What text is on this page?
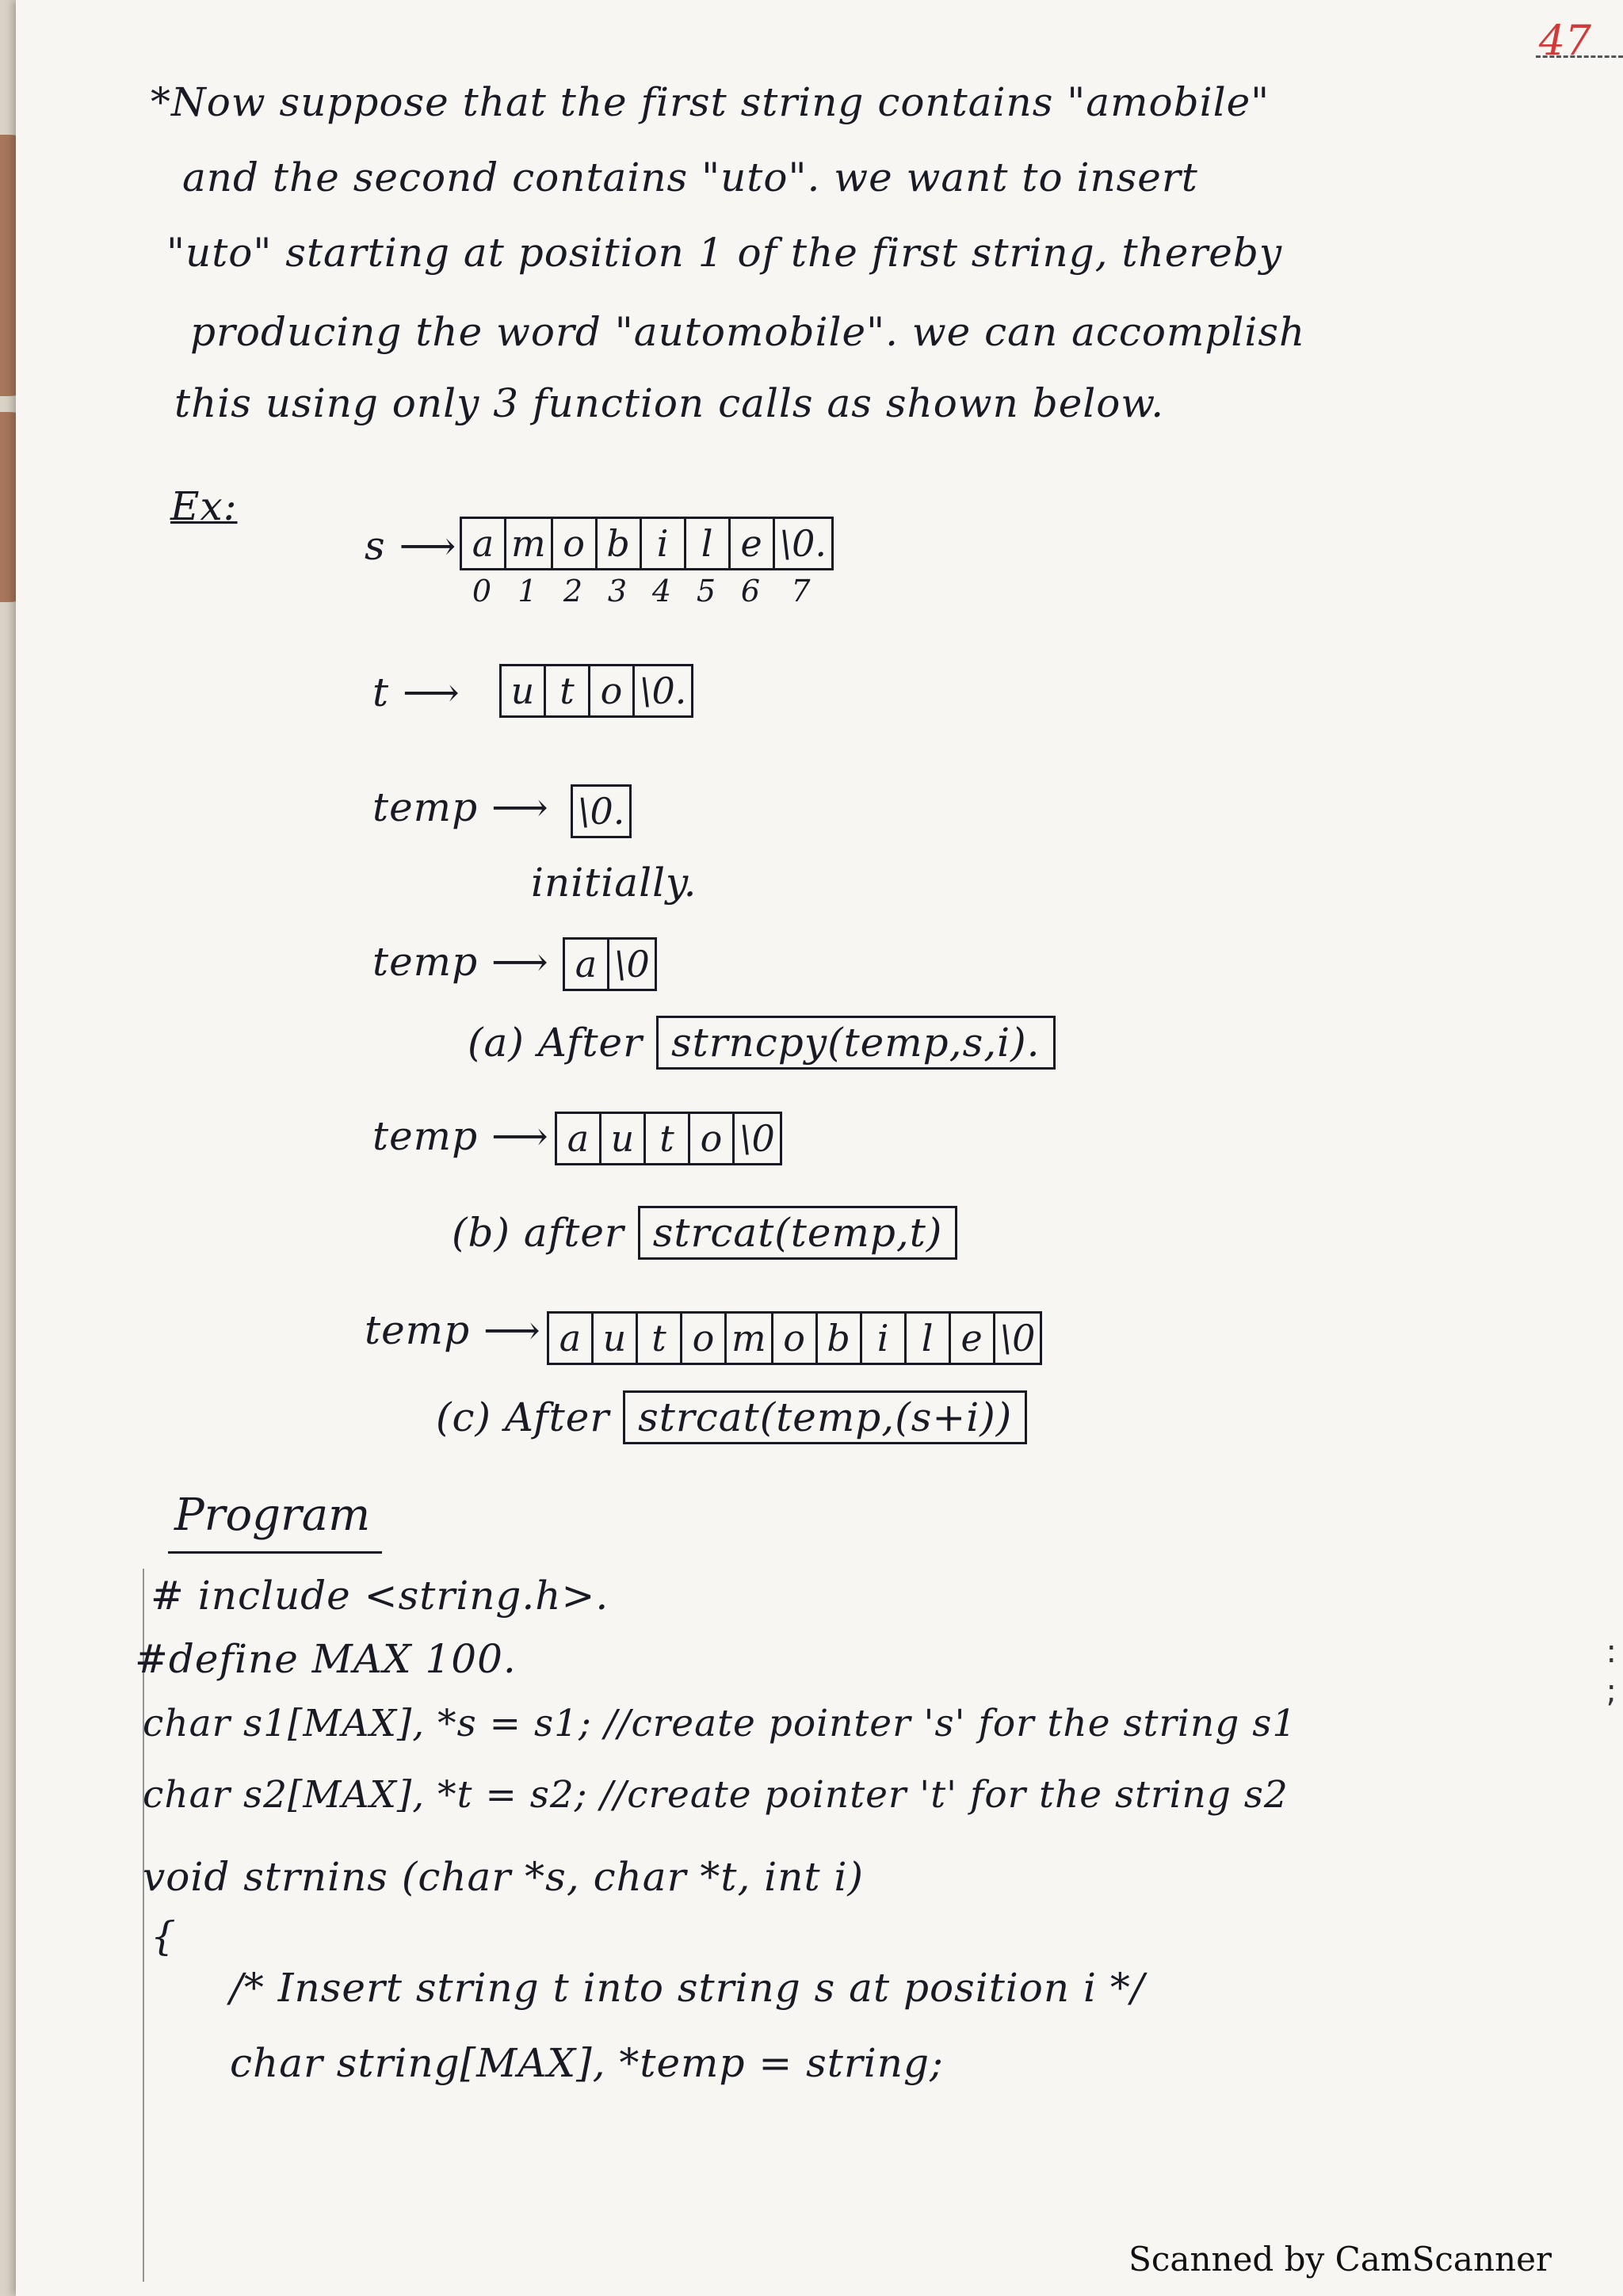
47

*Now suppose that the first string contains "amobile"

and the second contains "uto". we want to insert

"uto" starting at position 1 of the first string, thereby

producing the word "automobile". we can accomplish

this using only 3 function calls as shown below.

Ex:

s ⟶ a m o b i l e \0.
0 1 2 3 4 5 6	7

t ⟶ u t o \0.

temp ⟶ \0.

initially.

temp ⟶ a \0

(a) After strncpy(temp,s,i).

temp ⟶ a u t o \0

(b) after strcat(temp,t)

temp ⟶ a u t o m o b i l e \0

(c) After strcat(temp,(s+i))

Program

# include <string.h>.

#define MAX 100.

char s1[MAX], *s = s1; //create pointer 's' for the string s1

char s2[MAX], *t = s2; //create pointer 't' for the string s2

void strnins (char *s, char *t, int i)

{

/* Insert string t into string s at position i */

char string[MAX], *temp = string;

:
;
Scanned by CamScanner
